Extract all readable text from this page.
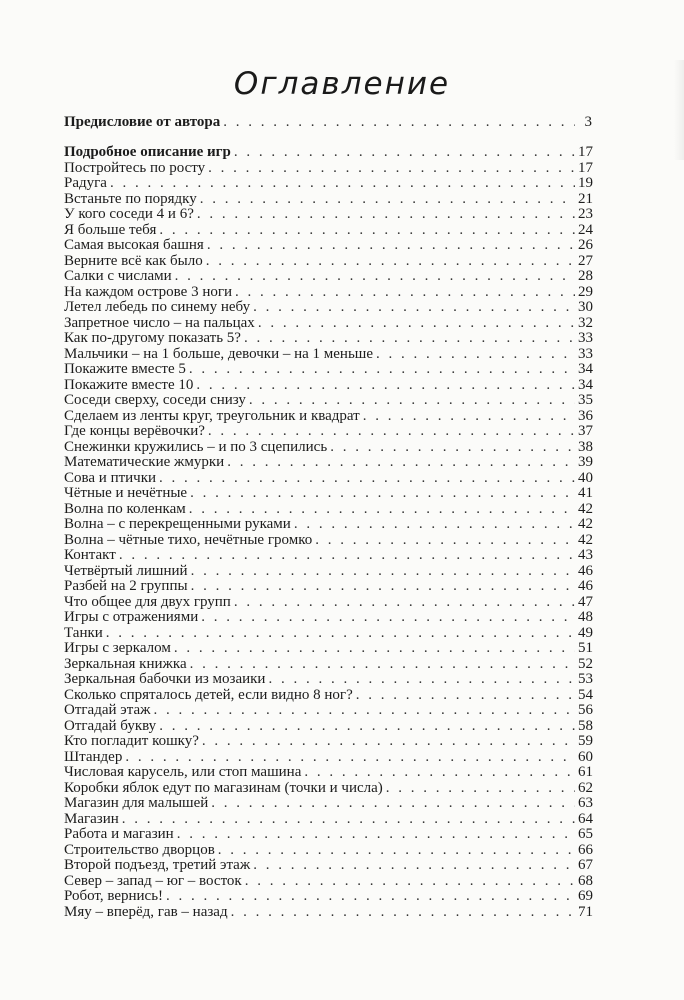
Оглавление
Предисловие от автора . . .	3
Подробное описание игр . . .	17
Постройтесь по росту . . .	17
Радуга . . .	19
Встаньте по порядку . . .	21
У кого соседи 4 и 6? . . .	23
Я больше тебя . . .	24
Самая высокая башня . . .	26
Верните всё как было . . .	27
Салки с числами . . .	28
На каждом острове 3 ноги . . .	29
Летел лебедь по синему небу . . .	30
Запретное число – на пальцах . . .	32
Как по-другому показать 5? . . .	33
Мальчики – на 1 больше, девочки – на 1 меньше . . .	33
Покажите вместе 5 . . .	34
Покажите вместе 10 . . .	34
Соседи сверху, соседи снизу . . .	35
Сделаем из ленты круг, треугольник и квадрат . . .	36
Где концы верёвочки? . . .	37
Снежинки кружились – и по 3 сцепились . . .	38
Математические жмурки . . .	39
Сова и птички . . .	40
Чётные и нечётные . . .	41
Волна по коленкам . . .	42
Волна – с перекрещенными руками . . .	42
Волна – чётные тихо, нечётные громко . . .	42
Контакт . . .	43
Четвёртый лишний . . .	46
Разбей на 2 группы . . .	46
Что общее для двух групп . . .	47
Игры с отражениями . . .	48
Танки . . .	49
Игры с зеркалом . . .	51
Зеркальная книжка . . .	52
Зеркальная бабочки из мозаики . . .	53
Сколько спряталось детей, если видно 8 ног? . . .	54
Отгадай этаж . . .	56
Отгадай букву . . .	58
Кто погладит кошку? . . .	59
Штандер . . .	60
Числовая карусель, или стоп машина . . .	61
Коробки яблок едут по магазинам (точки и числа) . . .	62
Магазин для малышей . . .	63
Магазин . . .	64
Работа и магазин . . .	65
Строительство дворцов . . .	66
Второй подъезд, третий этаж . . .	67
Север – запад – юг – восток . . .	68
Робот, вернись! . . .	69
Мяу – вперёд, гав – назад . . .	71
